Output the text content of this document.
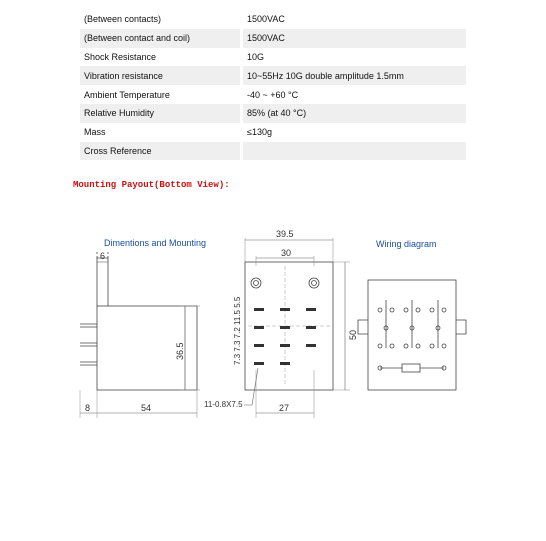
(Between contacts)		1500VAC
(Between contact and coil)		1500VAC
Shock Resistance		10G
Vibration resistance		10~55Hz 10G double amplitude 1.5mm
Ambient Temperature		-40 ~ +60 °C
Relative Humidity		85% (at 40 °C)
Mass		≤130g
Cross Reference		
Mounting Payout(Bottom View):
Dimentions and Mounting
6
8	54
36.5
39.5
30
50
27
11-0.8X7.5
7.3 7.3 7.2 11.5 5.5
Wiring diagram
